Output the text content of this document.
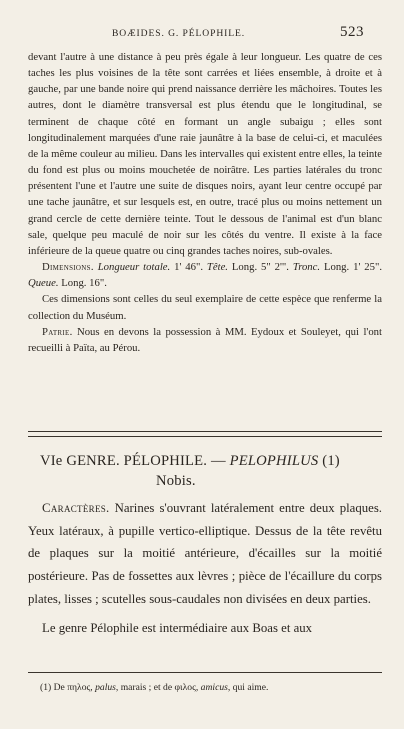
BOÆIDES. G. PÉLOPHILE.	523

devant l'autre à une distance à peu près égale à leur longueur. Les quatre de ces taches les plus voisines de la tête sont carrées et liées ensemble, à droite et à gauche, par une bande noire qui prend naissance derrière les mâchoires. Toutes les autres, dont le diamètre transversal est plus étendu que le longitudinal, se terminent de chaque côté en formant un angle subaigu ; elles sont longitudinalement marquées d'une raie jaunâtre à la base de celui-ci, et maculées de la même couleur au milieu. Dans les intervalles qui existent entre elles, la teinte du fond est plus ou moins mouchetée de noirâtre. Les parties latérales du tronc présentent l'une et l'autre une suite de disques noirs, ayant leur centre occupé par une tache jaunâtre, et sur lesquels est, en outre, tracé plus ou moins nettement un grand cercle de cette dernière teinte. Tout le dessous de l'animal est d'un blanc sale, quelque peu maculé de noir sur les côtés du ventre. Il existe à la face inférieure de la queue quatre ou cinq grandes taches noires, sub-ovales.

Dimensions. Longueur totale. 1' 46". Tête. Long. 5" 2'". Tronc. Long. 1' 25". Queue. Long. 16".

Ces dimensions sont celles du seul exemplaire de cette espèce que renferme la collection du Muséum.

Patrie. Nous en devons la possession à MM. Eydoux et Souleyet, qui l'ont recueilli à Païta, au Pérou.

VIe GENRE. PÉLOPHILE. — PELOPHILUS (1)
Nobis.

Caractères. Narines s'ouvrant latéralement entre deux plaques. Yeux latéraux, à pupille vertico-elliptique. Dessus de la tête revêtu de plaques sur la moitié antérieure, d'écailles sur la moitié postérieure. Pas de fossettes aux lèvres ; pièce de l'écaillure du corps plates, lisses ; scutelles sous-caudales non divisées en deux parties.

Le genre Pélophile est intermédiaire aux Boas et aux

(1) De πηλος, palus, marais ; et de φιλος, amicus, qui aime.
